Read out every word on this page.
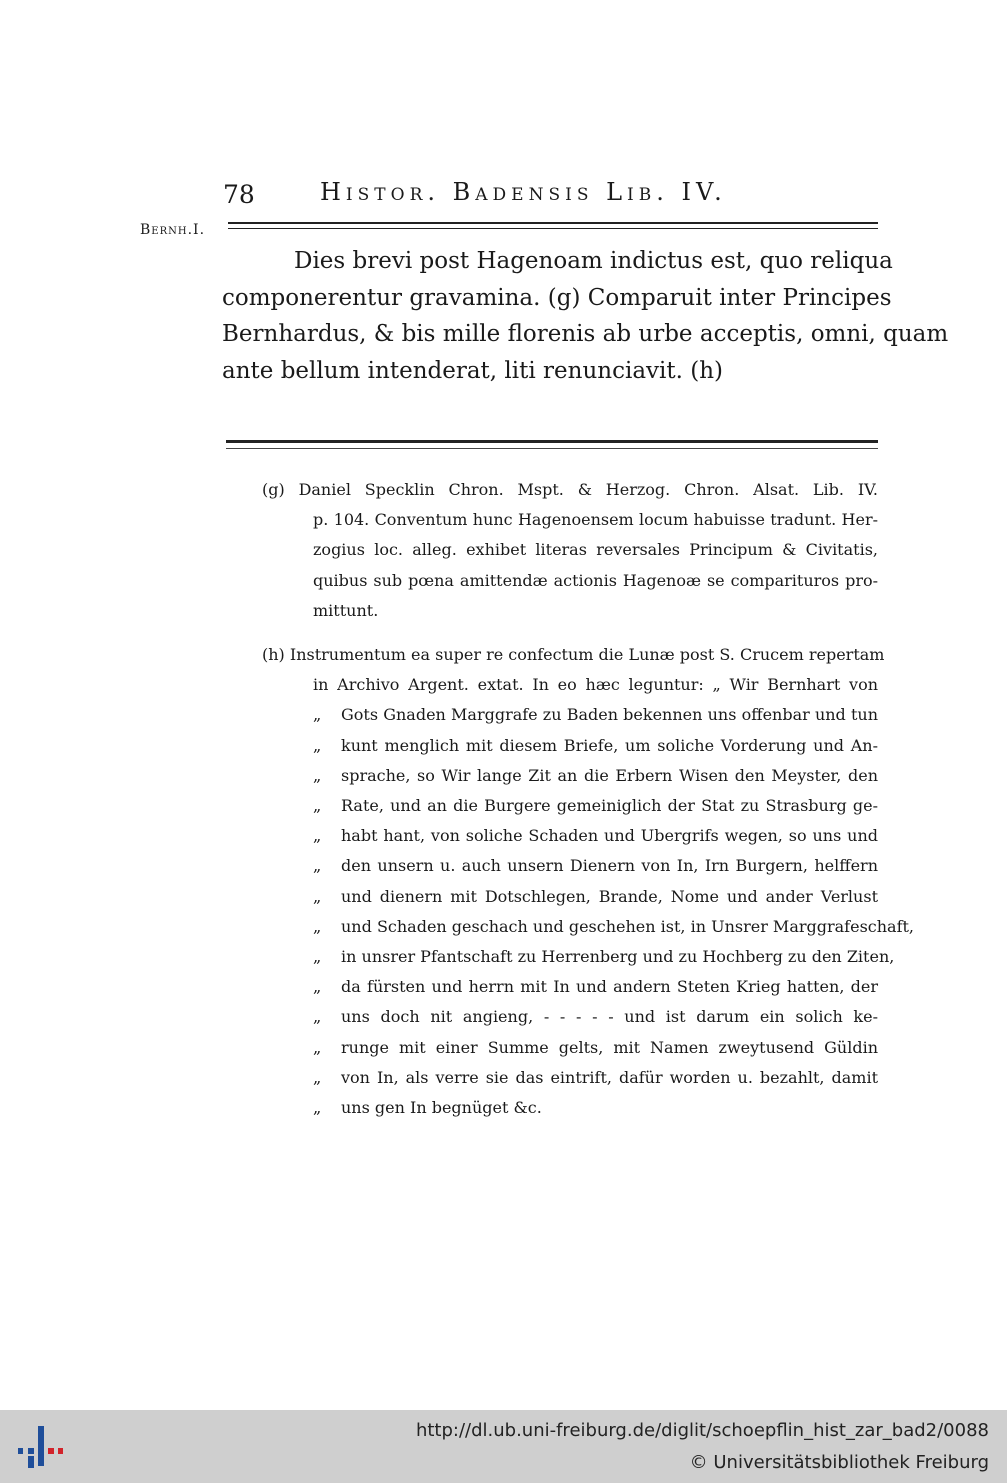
78	Histor. Badensis Lib. IV.
Bernh.I.
Dies brevi post Hagenoam indictus est, quo reliqua
componerentur gravamina. (g) Comparuit inter Principes
Bernhardus, & bis mille florenis ab urbe acceptis, omni, quam
ante bellum intenderat, liti renunciavit. (h)
(g) Daniel Specklin Chron. Mspt. & Herzog. Chron. Alsat. Lib. IV.
p. 104. Conventum hunc Hagenoensem locum habuisse tradunt. Her-
zogius loc. alleg. exhibet literas reversales Principum & Civitatis,
quibus sub pœna amittendæ actionis Hagenoæ se comparituros pro-
mittunt.
(h) Instrumentum ea super re confectum die Lunæ post S. Crucem repertam
in Archivo Argent. extat. In eo hæc leguntur: „ Wir Bernhart von
„ Gots Gnaden Marggrafe zu Baden bekennen uns offenbar und tun
„ kunt menglich mit diesem Briefe, um soliche Vorderung und An-
„ sprache, so Wir lange Zit an die Erbern Wisen den Meyster, den
„ Rate, und an die Burgere gemeiniglich der Stat zu Strasburg ge-
„ habt hant, von soliche Schaden und Ubergrifs wegen, so uns und
„ den unsern u. auch unsern Dienern von In, Irn Burgern, helffern
„ und dienern mit Dotschlegen, Brande, Nome und ander Verlust
„ und Schaden geschach und geschehen ist, in Unsrer Marggrafeschaft,
„ in unsrer Pfantschaft zu Herrenberg und zu Hochberg zu den Ziten,
„ da fürsten und herrn mit In und andern Steten Krieg hatten, der
„ uns doch nit angieng, - - - - - und ist darum ein solich ke-
„ runge mit einer Summe gelts, mit Namen zweytusend Güldin
„ von In, als verre sie das eintrift, dafür worden u. bezahlt, damit
„ uns gen In begnüget &c.
http://dl.ub.uni-freiburg.de/diglit/schoepflin_hist_zar_bad2/0088
© Universitätsbibliothek Freiburg
